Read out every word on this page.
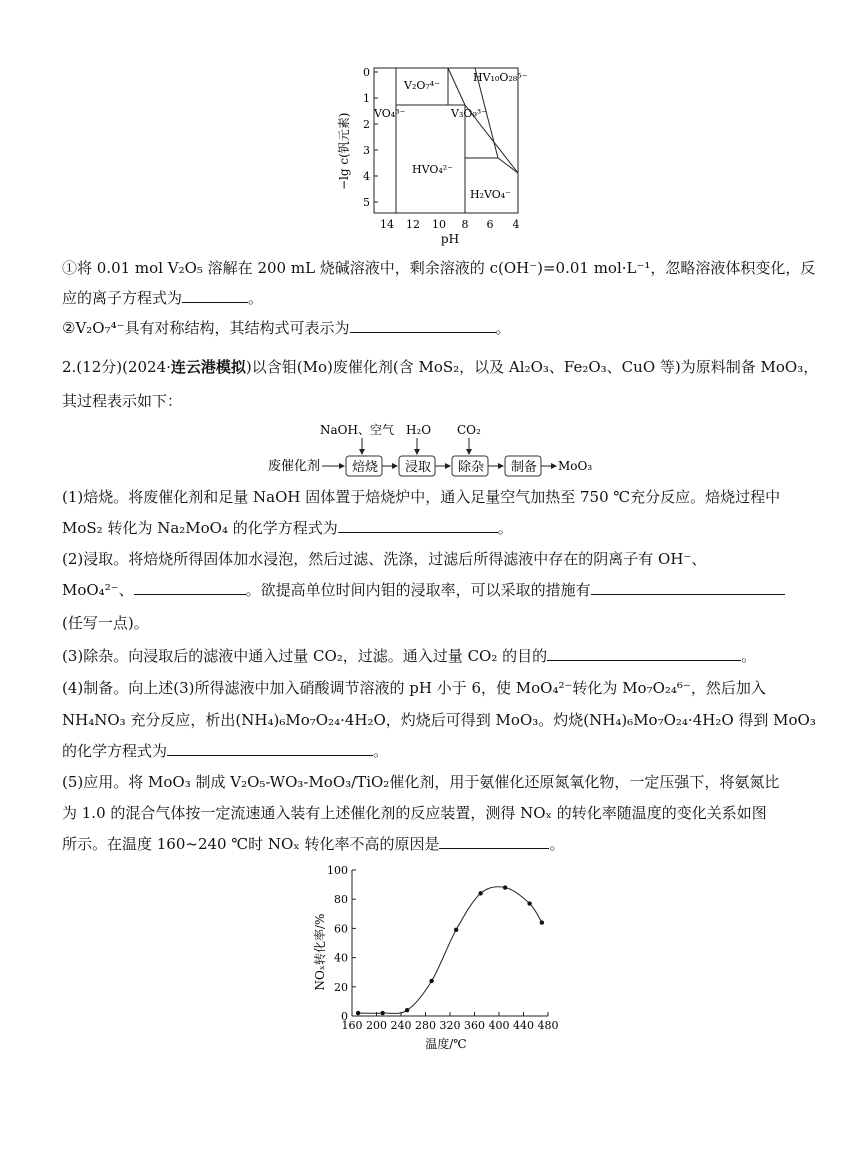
−lg c(钒元素)
0
1
2
3
4
5
14 12 10 8 6 4
pH
V₂O₇⁴⁻
VO₄³⁻	V₃O₉³⁻
HV₁₀O₂₈⁵⁻
HVO₄²⁻
H₂VO₄⁻
①将 0.01 mol V₂O₅ 溶解在 200 mL 烧碱溶液中，剩余溶液的 c(OH⁻)=0.01 mol·L⁻¹，忽略溶液体积变化，反
应的离子方程式为	。
②V₂O₇⁴⁻具有对称结构，其结构式可表示为	。
2.(12分)(2024·连云港模拟)以含钼(Mo)废催化剂(含 MoS₂，以及 Al₂O₃、Fe₂O₃、CuO 等)为原料制备 MoO₃，
其过程表示如下：
NaOH、空气 H₂O CO₂
废催化剂 焙烧 浸取 除杂 制备 MoO₃
(1)焙烧。将废催化剂和足量 NaOH 固体置于焙烧炉中，通入足量空气加热至 750 ℃充分反应。焙烧过程中
MoS₂ 转化为 Na₂MoO₄ 的化学方程式为	。
(2)浸取。将焙烧所得固体加水浸泡，然后过滤、洗涤，过滤后所得滤液中存在的阴离子有 OH⁻、
MoO₄²⁻、	。欲提高单位时间内钼的浸取率，可以采取的措施有
(任写一点)。
(3)除杂。向浸取后的滤液中通入过量 CO₂，过滤。通入过量 CO₂ 的目的	。
(4)制备。向上述(3)所得滤液中加入硝酸调节溶液的 pH 小于 6，使 MoO₄²⁻转化为 Mo₇O₂₄⁶⁻，然后加入
NH₄NO₃ 充分反应，析出(NH₄)₆Mo₇O₂₄·4H₂O，灼烧后可得到 MoO₃。灼烧(NH₄)₆Mo₇O₂₄·4H₂O 得到 MoO₃
的化学方程式为	。
(5)应用。将 MoO₃ 制成 V₂O₅-WO₃-MoO₃/TiO₂催化剂，用于氨催化还原氮氧化物，一定压强下，将氨氮比
为 1.0 的混合气体按一定流速通入装有上述催化剂的反应装置，测得 NOₓ 的转化率随温度的变化关系如图
所示。在温度 160~240 ℃时 NOₓ 转化率不高的原因是	。
NOₓ转化率/%
温度/℃
0
20
40
60
80
100
160 200 240 280 320 360 400 440 480
